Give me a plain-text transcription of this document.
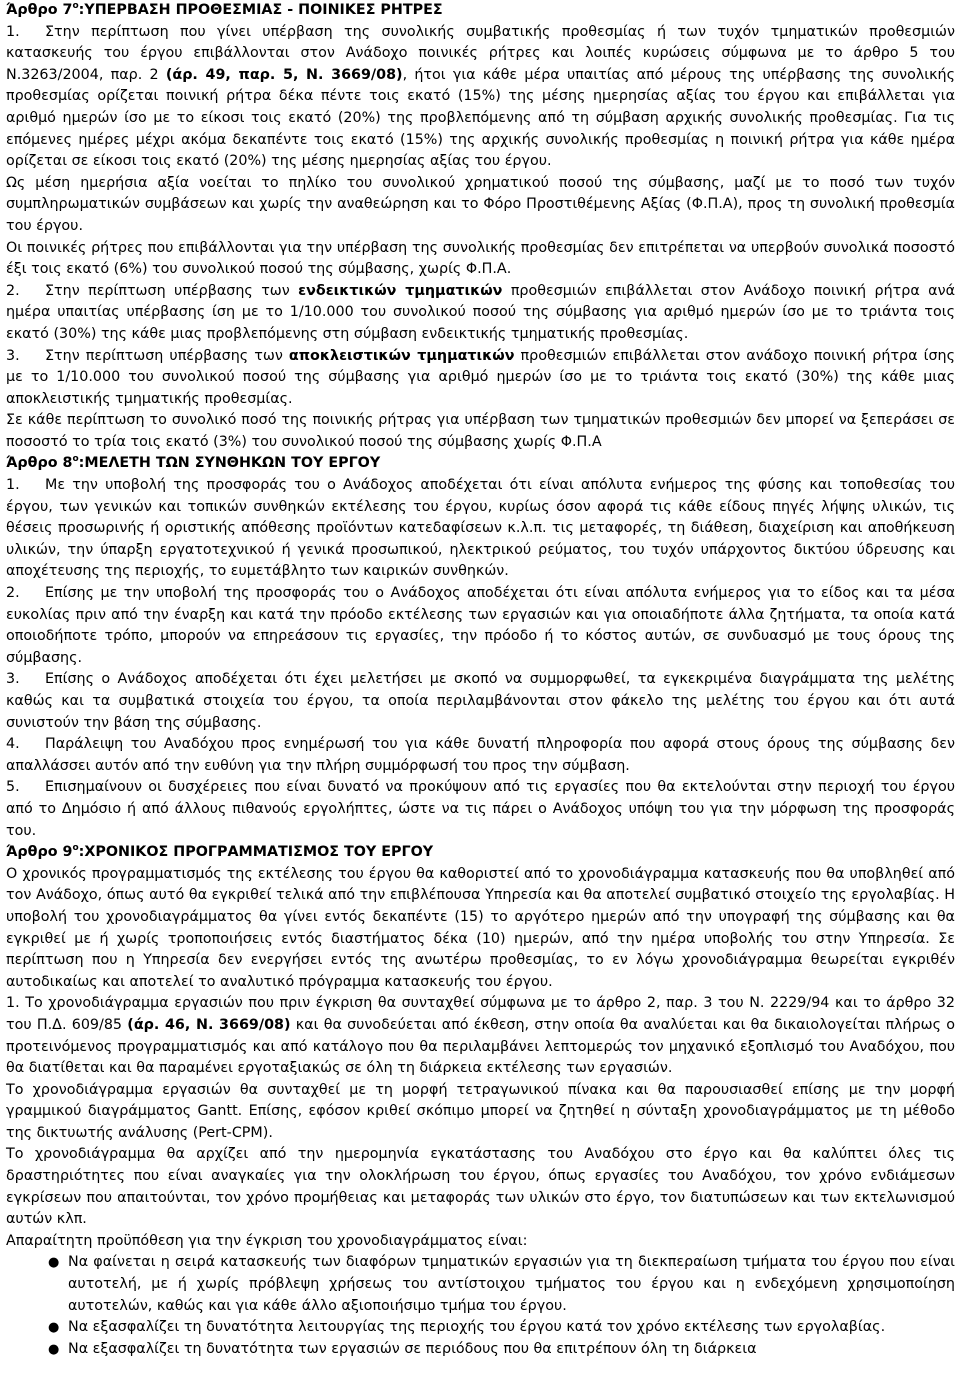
Άρθρο $7^o:\Upsilon\Pi EPBA\Sigma H$ ΠΡΟΘΕΣΜΙΑΣ - ΠΟΙΝΙΚΕΣ ΡΗΤΡΕΣ

1. Στην περίπτωση που γίνει υπέρβαση της συνολικής συμβατικής προθεσμίας ή των τυχόν τμηματικών προθεσμιών κατασκευής του έργου επιβάλλονται στον Ανάδοχο ποινικές ρήτρες και λοιπές κυρώσεις σύμφωνα με το άρθρο 5 του Ν.3263/2004, παρ. 2 (άρ. 49, παρ. 5, Ν. 3669/08), ήτοι για κάθε μέρα υπαιτίας από μέρους της υπέρβασης της συνολικής προθεσμίας ορίζεται ποινική ρήτρα δέκα πέντε τοις εκατό (15%) της μέσης ημερησίας αξίας του έργου και επιβάλλεται για αριθμό ημερών ίσο με το είκοσι τοις εκατό (20%) της προβλεπόμενης από τη σύμβαση αρχικής συνολικής προθεσμίας. Για τις επόμενες ημέρες μέχρι ακόμα δεκαπέντε τοις εκατό (15%) της αρχικής συνολικής προθεσμίας η ποινική ρήτρα για κάθε ημέρα ορίζεται σε είκοσι τοις εκατό (20%) της μέσης ημερησίας αξίας του έργου.

Ως μέση ημερήσια αξία νοείται το πηλίκο του συνολικού χρηματικού ποσού της σύμβασης, μαζί με το ποσό των τυχόν συμπληρωματικών συμβάσεων και χωρίς την αναθεώρηση και το Φόρο Προστιθέμενης Αξίας (Φ.Π.Α), προς τη συνολική προθεσμία του έργου.

Οι ποινικές ρήτρες που επιβάλλονται για την υπέρβαση της συνολικής προθεσμίας δεν επιτρέπεται να υπερβούν συνολικά ποσοστό έξι τοις εκατό (6%) του συνολικού ποσού της σύμβασης, χωρίς Φ.Π.Α.

2. Στην περίπτωση υπέρβασης των ενδεικτικών τμηματικών προθεσμιών επιβάλλεται στον Ανάδοχο ποινική ρήτρα ανά ημέρα υπαιτίας υπέρβασης ίση με το 1/10.000 του συνολικού ποσού της σύμβασης για αριθμό ημερών ίσο με το τριάντα τοις εκατό (30%) της κάθε μιας προβλεπόμενης στη σύμβαση ενδεικτικής τμηματικής προθεσμίας.

3. Στην περίπτωση υπέρβασης των αποκλειστικών τμηματικών προθεσμιών επιβάλλεται στον ανάδοχο ποινική ρήτρα ίσης με το 1/10.000 του συνολικού ποσού της σύμβασης για αριθμό ημερών ίσο με το τριάντα τοις εκατό (30%) της κάθε μιας αποκλειστικής τμηματικής προθεσμίας.

Σε κάθε περίπτωση το συνολικό ποσό της ποινικής ρήτρας για υπέρβαση των τμηματικών προθεσμιών δεν μπορεί να ξεπεράσει σε ποσοστό το τρία τοις εκατό (3%) του συνολικού ποσού της σύμβασης χωρίς Φ.Π.Α

Άρθρο $8^o:ME\Lambda ETH$ ΤΩΝ ΣΥΝΘΗΚΩΝ ΤΟΥ ΕΡΓΟΥ

1. Με την υποβολή της προσφοράς του ο Ανάδοχος αποδέχεται ότι είναι απόλυτα ενήμερος της φύσης και τοποθεσίας του έργου, των γενικών και τοπικών συνθηκών εκτέλεσης του έργου, κυρίως όσον αφορά τις κάθε είδους πηγές λήψης υλικών, τις θέσεις προσωρινής ή οριστικής απόθεσης προϊόντων κατεδαφίσεων κ.λ.π. τις μεταφορές, τη διάθεση, διαχείριση και αποθήκευση υλικών, την ύπαρξη εργατοτεχνικού ή γενικά προσωπικού, ηλεκτρικού ρεύματος, του τυχόν υπάρχοντος δικτύου ύδρευσης και αποχέτευσης της περιοχής, το ευμετάβλητο των καιρικών συνθηκών.

2. Επίσης με την υποβολή της προσφοράς του ο Ανάδοχος αποδέχεται ότι είναι απόλυτα ενήμερος για το είδος και τα μέσα ευκολίας πριν από την έναρξη και κατά την πρόοδο εκτέλεσης των εργασιών και για οποιαδήποτε άλλα ζητήματα, τα οποία κατά οποιοδήποτε τρόπο, μπορούν να επηρεάσουν τις εργασίες, την πρόοδο ή το κόστος αυτών, σε συνδυασμό με τους όρους της σύμβασης.

3. Επίσης ο Ανάδοχος αποδέχεται ότι έχει μελετήσει με σκοπό να συμμορφωθεί, τα εγκεκριμένα διαγράμματα της μελέτης καθώς και τα συμβατικά στοιχεία του έργου, τα οποία περιλαμβάνονται στον φάκελο της μελέτης του έργου και ότι αυτά συνιστούν την βάση της σύμβασης.

4. Παράλειψη του Αναδόχου προς ενημέρωσή του για κάθε δυνατή πληροφορία που αφορά στους όρους της σύμβασης δεν απαλλάσσει αυτόν από την ευθύνη για την πλήρη συμμόρφωσή του προς την σύμβαση.

5. Επισημαίνουν οι δυσχέρειες που είναι δυνατό να προκύψουν από τις εργασίες που θα εκτελούνται στην περιοχή του έργου από το Δημόσιο ή από άλλους πιθανούς εργολήπτες, ώστε να τις πάρει ο Ανάδοχος υπόψη του για την μόρφωση της προσφοράς του.

Άρθρο $9^o:XPONIKO\Sigma$ ΠΡΟΓΡΑΜΜΑΤΙΣΜΟΣ ΤΟΥ ΕΡΓΟΥ

Ο χρονικός προγραμματισμός της εκτέλεσης του έργου θα καθοριστεί από το χρονοδιάγραμμα κατασκευής που θα υποβληθεί από τον Ανάδοχο, όπως αυτό θα εγκριθεί τελικά από την επιβλέπουσα Υπηρεσία και θα αποτελεί συμβατικό στοιχείο της εργολαβίας. Η υποβολή του χρονοδιαγράμματος θα γίνει εντός δεκαπέντε (15) το αργότερο ημερών από την υπογραφή της σύμβασης και θα εγκριθεί με ή χωρίς τροποποιήσεις εντός διαστήματος δέκα (10) ημερών, από την ημέρα υποβολής του στην Υπηρεσία. Σε περίπτωση που η Υπηρεσία δεν ενεργήσει εντός της ανωτέρω προθεσμίας, το εν λόγω χρονοδιάγραμμα θεωρείται εγκριθέν αυτοδικαίως και αποτελεί το αναλυτικό πρόγραμμα κατασκευής του έργου.

1. Το χρονοδιάγραμμα εργασιών που πριν έγκριση θα συνταχθεί σύμφωνα με το άρθρο 2, παρ. 3 του Ν. 2229/94 και το άρθρο 32 του Π.Δ. 609/85 (άρ. 46, Ν. 3669/08) και θα συνοδεύεται από έκθεση, στην οποία θα αναλύεται και θα δικαιολογείται πλήρως ο προτεινόμενος προγραμματισμός και από κατάλογο που θα περιλαμβάνει λεπτομερώς τον μηχανικό εξοπλισμό του Αναδόχου, που θα διατίθεται και θα παραμένει εργοταξιακώς σε όλη τη διάρκεια εκτέλεσης των εργασιών.

Το χρονοδιάγραμμα εργασιών θα συνταχθεί με τη μορφή τετραγωνικού πίνακα και θα παρουσιασθεί επίσης με την μορφή γραμμικού διαγράμματος Gantt. Επίσης, εφόσον κριθεί σκόπιμο μπορεί να ζητηθεί η σύνταξη χρονοδιαγράμματος με τη μέθοδο της δικτυωτής ανάλυσης (Pert-CPM).

Το χρονοδιάγραμμα θα αρχίζει από την ημερομηνία εγκατάστασης του Αναδόχου στο έργο και θα καλύπτει όλες τις δραστηριότητες που είναι αναγκαίες για την ολοκλήρωση του έργου, όπως εργασίες του Αναδόχου, τον χρόνο ενδιάμεσων εγκρίσεων που απαιτούνται, τον χρόνο προμήθειας και μεταφοράς των υλικών στο έργο, τον διατυπώσεων και των εκτελωνισμού αυτών κλπ.

Απαραίτητη προϋπόθεση για την έγκριση του χρονοδιαγράμματος είναι:

● Να φαίνεται η σειρά κατασκευής των διαφόρων τμηματικών εργασιών για τη διεκπεραίωση τμήματα του έργου που είναι αυτοτελή, με ή χωρίς πρόβλεψη χρήσεως του αντίστοιχου τμήματος του έργου και η ενδεχόμενη χρησιμοποίηση αυτοτελών, καθώς και για κάθε άλλο αξιοποιήσιμο τμήμα του έργου.
● Να εξασφαλίζει τη δυνατότητα λειτουργίας της περιοχής του έργου κατά τον χρόνο εκτέλεσης των εργολαβίας.
● Να εξασφαλίζει τη δυνατότητα των εργασιών σε περιόδους που θα επιτρέπουν όλη τη διάρκεια
